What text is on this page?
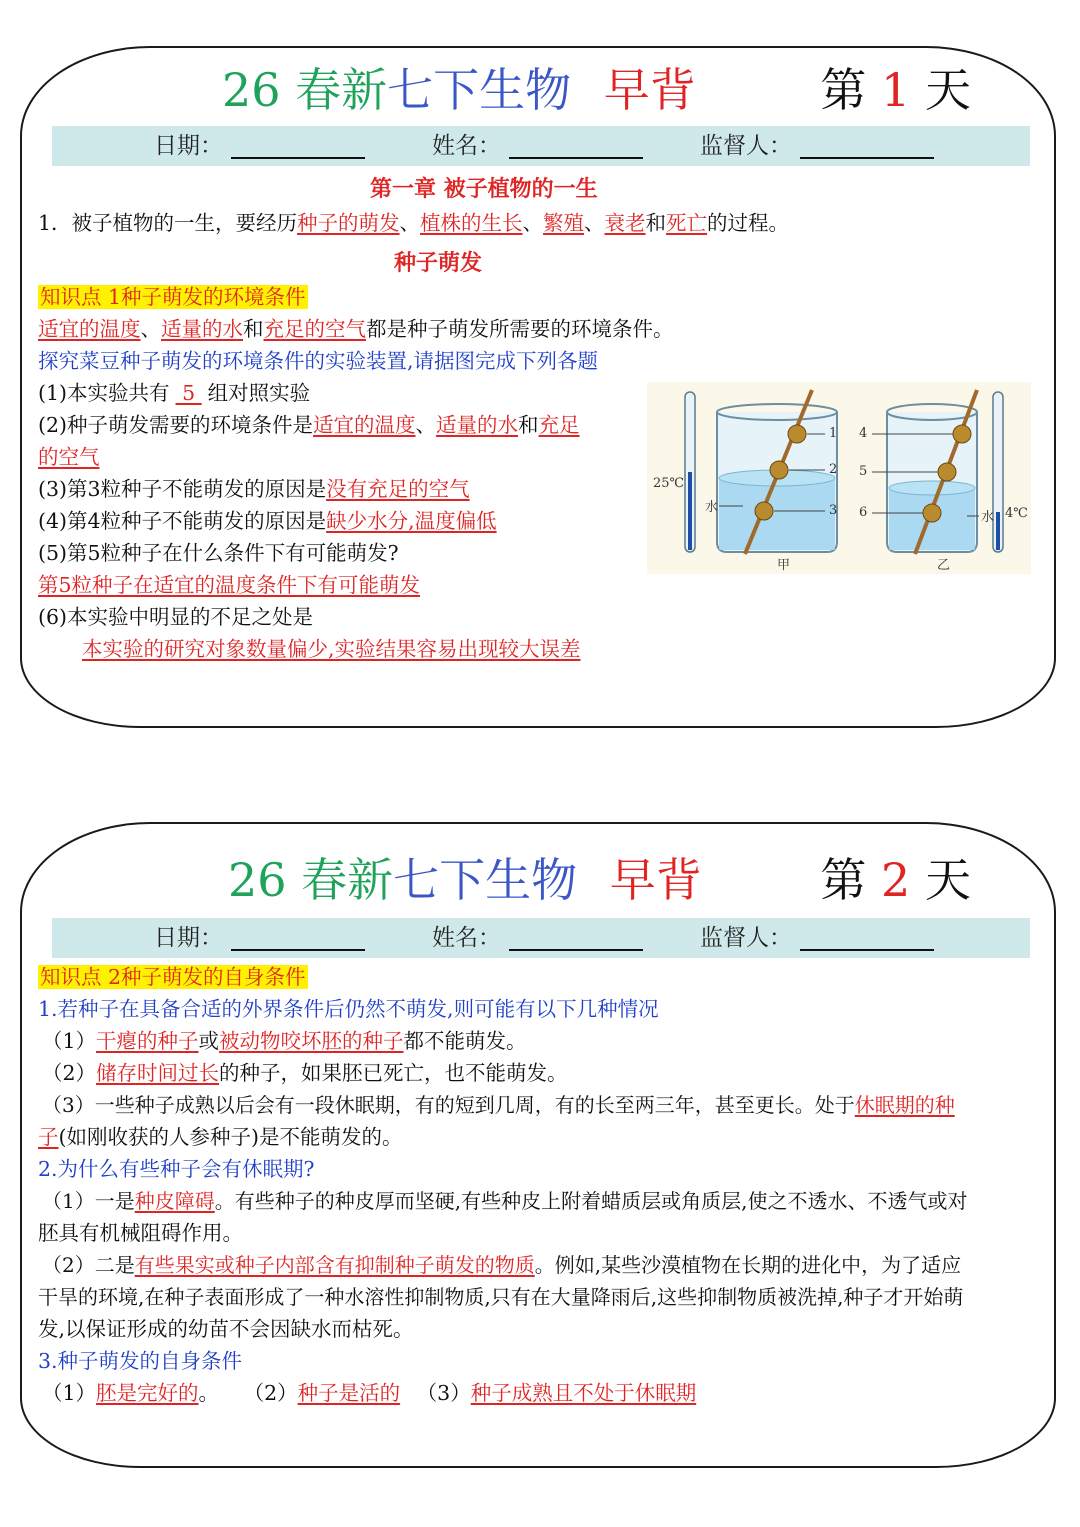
26 春新七下生物 早背	第 1 天
日期：	姓名：	监督人：
第一章 被子植物的一生
1．被子植物的一生，要经历种子的萌发、植株的生长、繁殖、衰老和死亡的过程。
种子萌发
知识点 1种子萌发的环境条件
适宜的温度、适量的水和充足的空气都是种子萌发所需要的环境条件。
探究菜豆种子萌发的环境条件的实验装置,请据图完成下列各题
(1)本实验共有 5 组对照实验
(2)种子萌发需要的环境条件是适宜的温度、适量的水和充足
的空气
(3)第3粒种子不能萌发的原因是没有充足的空气
(4)第4粒种子不能萌发的原因是缺少水分,温度偏低
(5)第5粒种子在什么条件下有可能萌发?
第5粒种子在适宜的温度条件下有可能萌发
(6)本实验中明显的不足之处是
本实验的研究对象数量偏少,实验结果容易出现较大误差
25℃
4℃
水
水
1
2
3
4
5
6
甲	乙
26 春新七下生物 早背	第 2 天
日期：	姓名：	监督人：
知识点 2种子萌发的自身条件
1.若种子在具备合适的外界条件后仍然不萌发,则可能有以下几种情况
（1）干瘪的种子或被动物咬坏胚的种子都不能萌发。
（2）储存时间过长的种子，如果胚已死亡，也不能萌发。
（3）一些种子成熟以后会有一段休眠期，有的短到几周，有的长至两三年，甚至更长。处于休眠期的种
子(如刚收获的人参种子)是不能萌发的。
2.为什么有些种子会有休眠期?
（1）一是种皮障碍。有些种子的种皮厚而坚硬,有些种皮上附着蜡质层或角质层,使之不透水、不透气或对
胚具有机械阻碍作用。
（2）二是有些果实或种子内部含有抑制种子萌发的物质。例如,某些沙漠植物在长期的进化中，为了适应
干旱的环境,在种子表面形成了一种水溶性抑制物质,只有在大量降雨后,这些抑制物质被洗掉,种子才开始萌
发,以保证形成的幼苗不会因缺水而枯死。
3.种子萌发的自身条件
（1）胚是完好的。 （2）种子是活的 （3）种子成熟且不处于休眠期
